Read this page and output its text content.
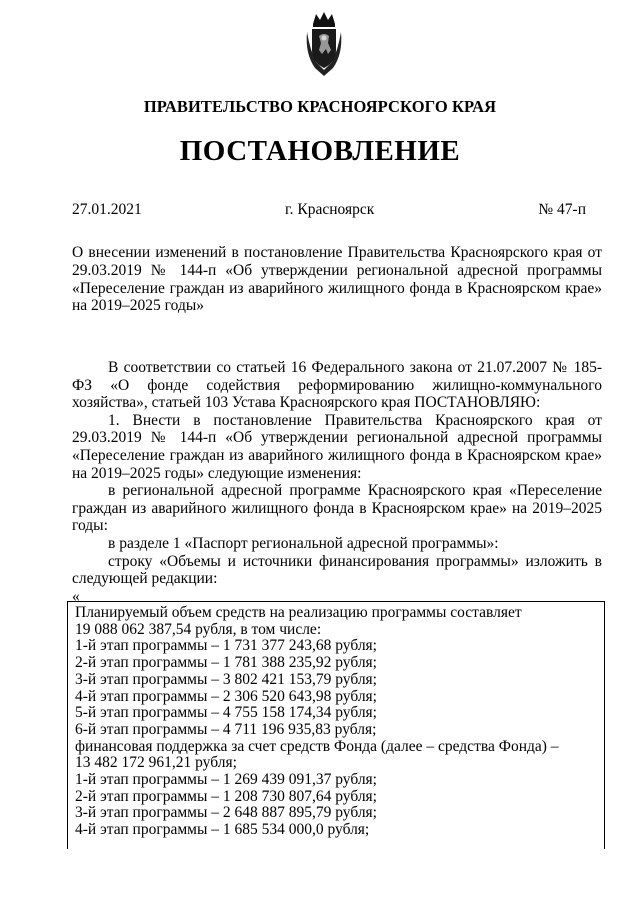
ПРАВИТЕЛЬСТВО КРАСНОЯРСКОГО КРАЯ
ПОСТАНОВЛЕНИЕ
27.01.2021	г. Красноярск	№ 47-п
О внесении изменений в постановление Правительства Красноярского края от 29.03.2019 № 144-п «Об утверждении региональной адресной программы «Переселение граждан из аварийного жилищного фонда в Красноярском крае» на 2019–2025 годы»

В соответствии со статьей 16 Федерального закона от 21.07.2007 № 185-ФЗ «О фонде содействия реформированию жилищно-коммунального хозяйства», статьей 103 Устава Красноярского края ПОСТАНОВЛЯЮ:

1. Внести в постановление Правительства Красноярского края от 29.03.2019 № 144-п «Об утверждении региональной адресной программы «Переселение граждан из аварийного жилищного фонда в Красноярском крае» на 2019–2025 годы» следующие изменения:

в региональной адресной программе Красноярского края «Переселение граждан из аварийного жилищного фонда в Красноярском крае» на 2019–2025 годы:

в разделе 1 «Паспорт региональной адресной программы»:

строку «Объемы и источники финансирования программы» изложить в следующей редакции:

«

Планируемый объем средств на реализацию программы составляет
19 088 062 387,54 рубля, в том числе:
1-й этап программы – 1 731 377 243,68 рубля;
2-й этап программы – 1 781 388 235,92 рубля;
3-й этап программы – 3 802 421 153,79 рубля;
4-й этап программы – 2 306 520 643,98 рубля;
5-й этап программы – 4 755 158 174,34 рубля;
6-й этап программы – 4 711 196 935,83 рубля;
финансовая поддержка за счет средств Фонда (далее – средства Фонда) –
13 482 172 961,21 рубля;
1-й этап программы – 1 269 439 091,37 рубля;
2-й этап программы – 1 208 730 807,64 рубля;
3-й этап программы – 2 648 887 895,79 рубля;
4-й этап программы – 1 685 534 000,0 рубля;
